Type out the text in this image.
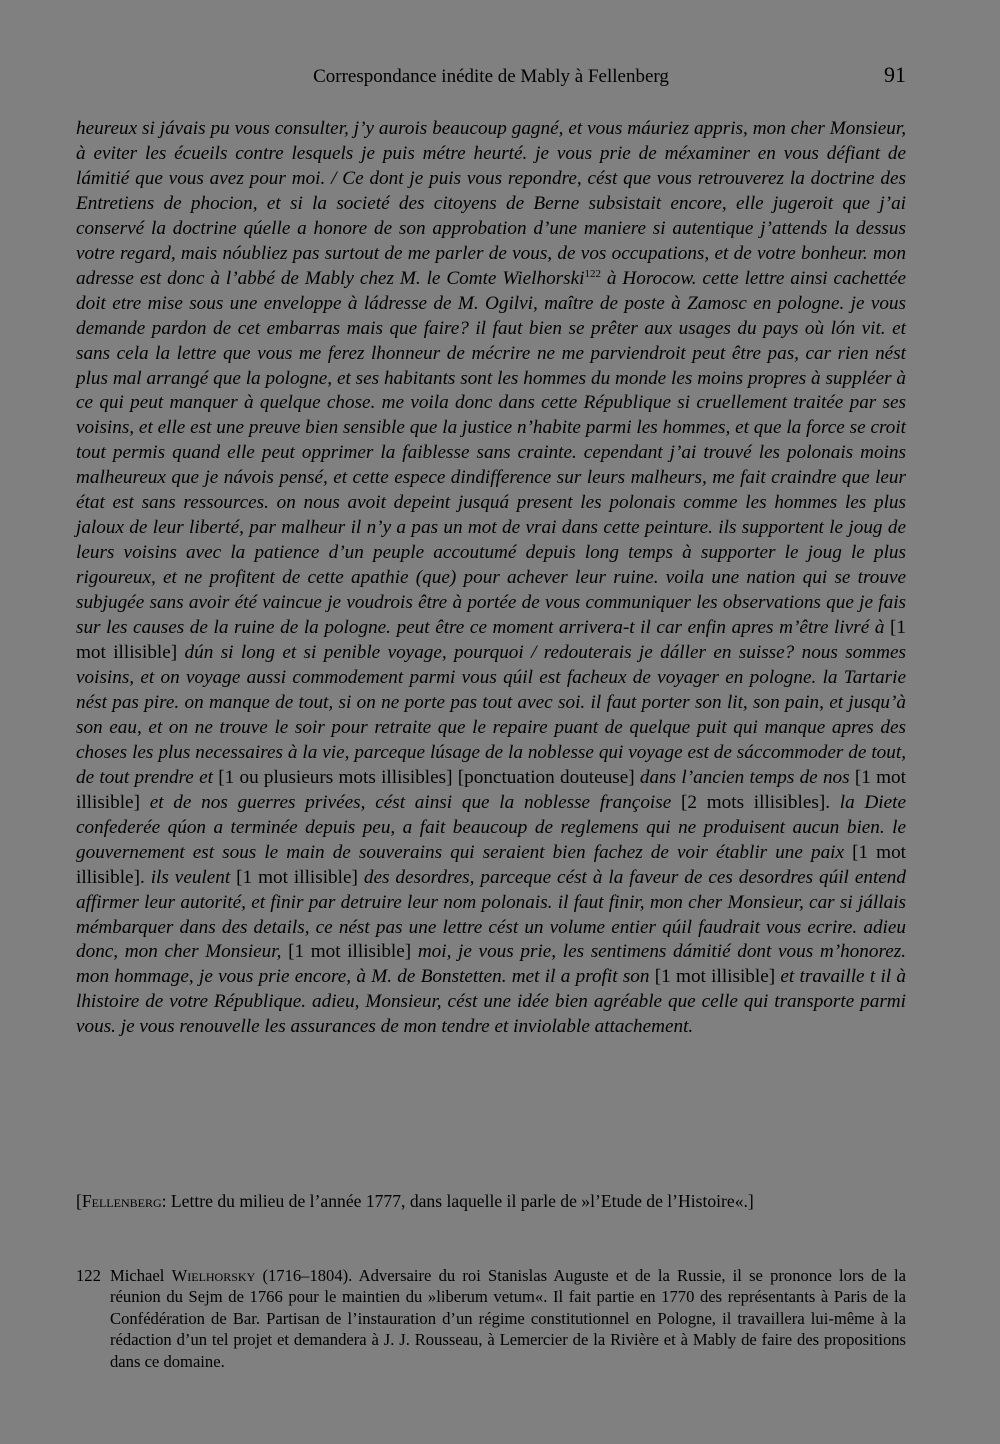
Correspondance inédite de Mably à Fellenberg	91
heureux si jávais pu vous consulter, j’y aurois beaucoup gagné, et vous máuriez appris, mon cher Monsieur, à eviter les écueils contre lesquels je puis métre heurté. je vous prie de méxaminer en vous défiant de lámitié que vous avez pour moi. / Ce dont je puis vous repondre, cést que vous retrouverez la doctrine des Entretiens de phocion, et si la societé des citoyens de Berne subsistait encore, elle jugeroit que j’ai conservé la doctrine qúelle a honore de son approbation d’une maniere si autentique j’attends la dessus votre regard, mais nóubliez pas surtout de me parler de vous, de vos occupations, et de votre bonheur. mon adresse est donc à l’abbé de Mably chez M. le Comte Wielhorski$^{122}$ à Horocow. cette lettre ainsi cachettée doit etre mise sous une enveloppe à ládresse de M. Ogilvi, maître de poste à Zamosc en pologne. je vous demande pardon de cet embarras mais que faire? il faut bien se prêter aux usages du pays où lón vit. et sans cela la lettre que vous me ferez lhonneur de mécrire ne me parviendroit peut être pas, car rien nést plus mal arrangé que la pologne, et ses habitants sont les hommes du monde les moins propres à suppléer à ce qui peut manquer à quelque chose. me voila donc dans cette République si cruellement traitée par ses voisins, et elle est une preuve bien sensible que la justice n’habite parmi les hommes, et que la force se croit tout permis quand elle peut opprimer la faiblesse sans crainte. cependant j’ai trouvé les polonais moins malheureux que je návois pensé, et cette espece dindifference sur leurs malheurs, me fait craindre que leur état est sans ressources. on nous avoit depeint jusquá present les polonais comme les hommes les plus jaloux de leur liberté, par malheur il n’y a pas un mot de vrai dans cette peinture. ils supportent le joug de leurs voisins avec la patience d’un peuple accoutumé depuis long temps à supporter le joug le plus rigoureux, et ne profitent de cette apathie (que) pour achever leur ruine. voila une nation qui se trouve subjugée sans avoir été vaincue je voudrois être à portée de vous communiquer les observations que je fais sur les causes de la ruine de la pologne. peut être ce moment arrivera-t il car enfin apres m’être livré à [1 mot illisible] dún si long et si penible voyage, pourquoi / redouterais je dáller en suisse? nous sommes voisins, et on voyage aussi commodement parmi vous qúil est facheux de voyager en pologne. la Tartarie nést pas pire. on manque de tout, si on ne porte pas tout avec soi. il faut porter son lit, son pain, et jusqu’à son eau, et on ne trouve le soir pour retraite que le repaire puant de quelque puit qui manque apres des choses les plus necessaires à la vie, parceque lúsage de la noblesse qui voyage est de sáccommoder de tout, de tout prendre et [1 ou plusieurs mots illisibles] [ponctuation douteuse] dans l’ancien temps de nos [1 mot illisible] et de nos guerres privées, cést ainsi que la noblesse françoise [2 mots illisibles]. la Diete confederée qúon a terminée depuis peu, a fait beaucoup de reglemens qui ne produisent aucun bien. le gouvernement est sous le main de souverains qui seraient bien fachez de voir établir une paix [1 mot illisible]. ils veulent [1 mot illisible] des desordres, parceque cést à la faveur de ces desordres qúil entend affirmer leur autorité, et finir par detruire leur nom polonais. il faut finir, mon cher Monsieur, car si jállais mémbarquer dans des details, ce nést pas une lettre cést un volume entier qúil faudrait vous ecrire. adieu donc, mon cher Monsieur, [1 mot illisible] moi, je vous prie, les sentimens dámitié dont vous m’honorez. mon hommage, je vous prie encore, à M. de Bonstetten. met il a profit son [1 mot illisible] et travaille t il à lhistoire de votre République. adieu, Monsieur, cést une idée bien agréable que celle qui transporte parmi vous. je vous renouvelle les assurances de mon tendre et inviolable attachement.
[Fellenberg: Lettre du milieu de l’année 1777, dans laquelle il parle de »l’Etude de l’Histoire«.]
122 Michael Wielhorsky (1716–1804). Adversaire du roi Stanislas Auguste et de la Russie, il se prononce lors de la réunion du Sejm de 1766 pour le maintien du »liberum vetum«. Il fait partie en 1770 des représentants à Paris de la Confédération de Bar. Partisan de l’instauration d’un régime constitutionnel en Pologne, il travaillera lui-même à la rédaction d’un tel projet et demandera à J. J. Rousseau, à Lemercier de la Rivière et à Mably de faire des propositions dans ce domaine.
